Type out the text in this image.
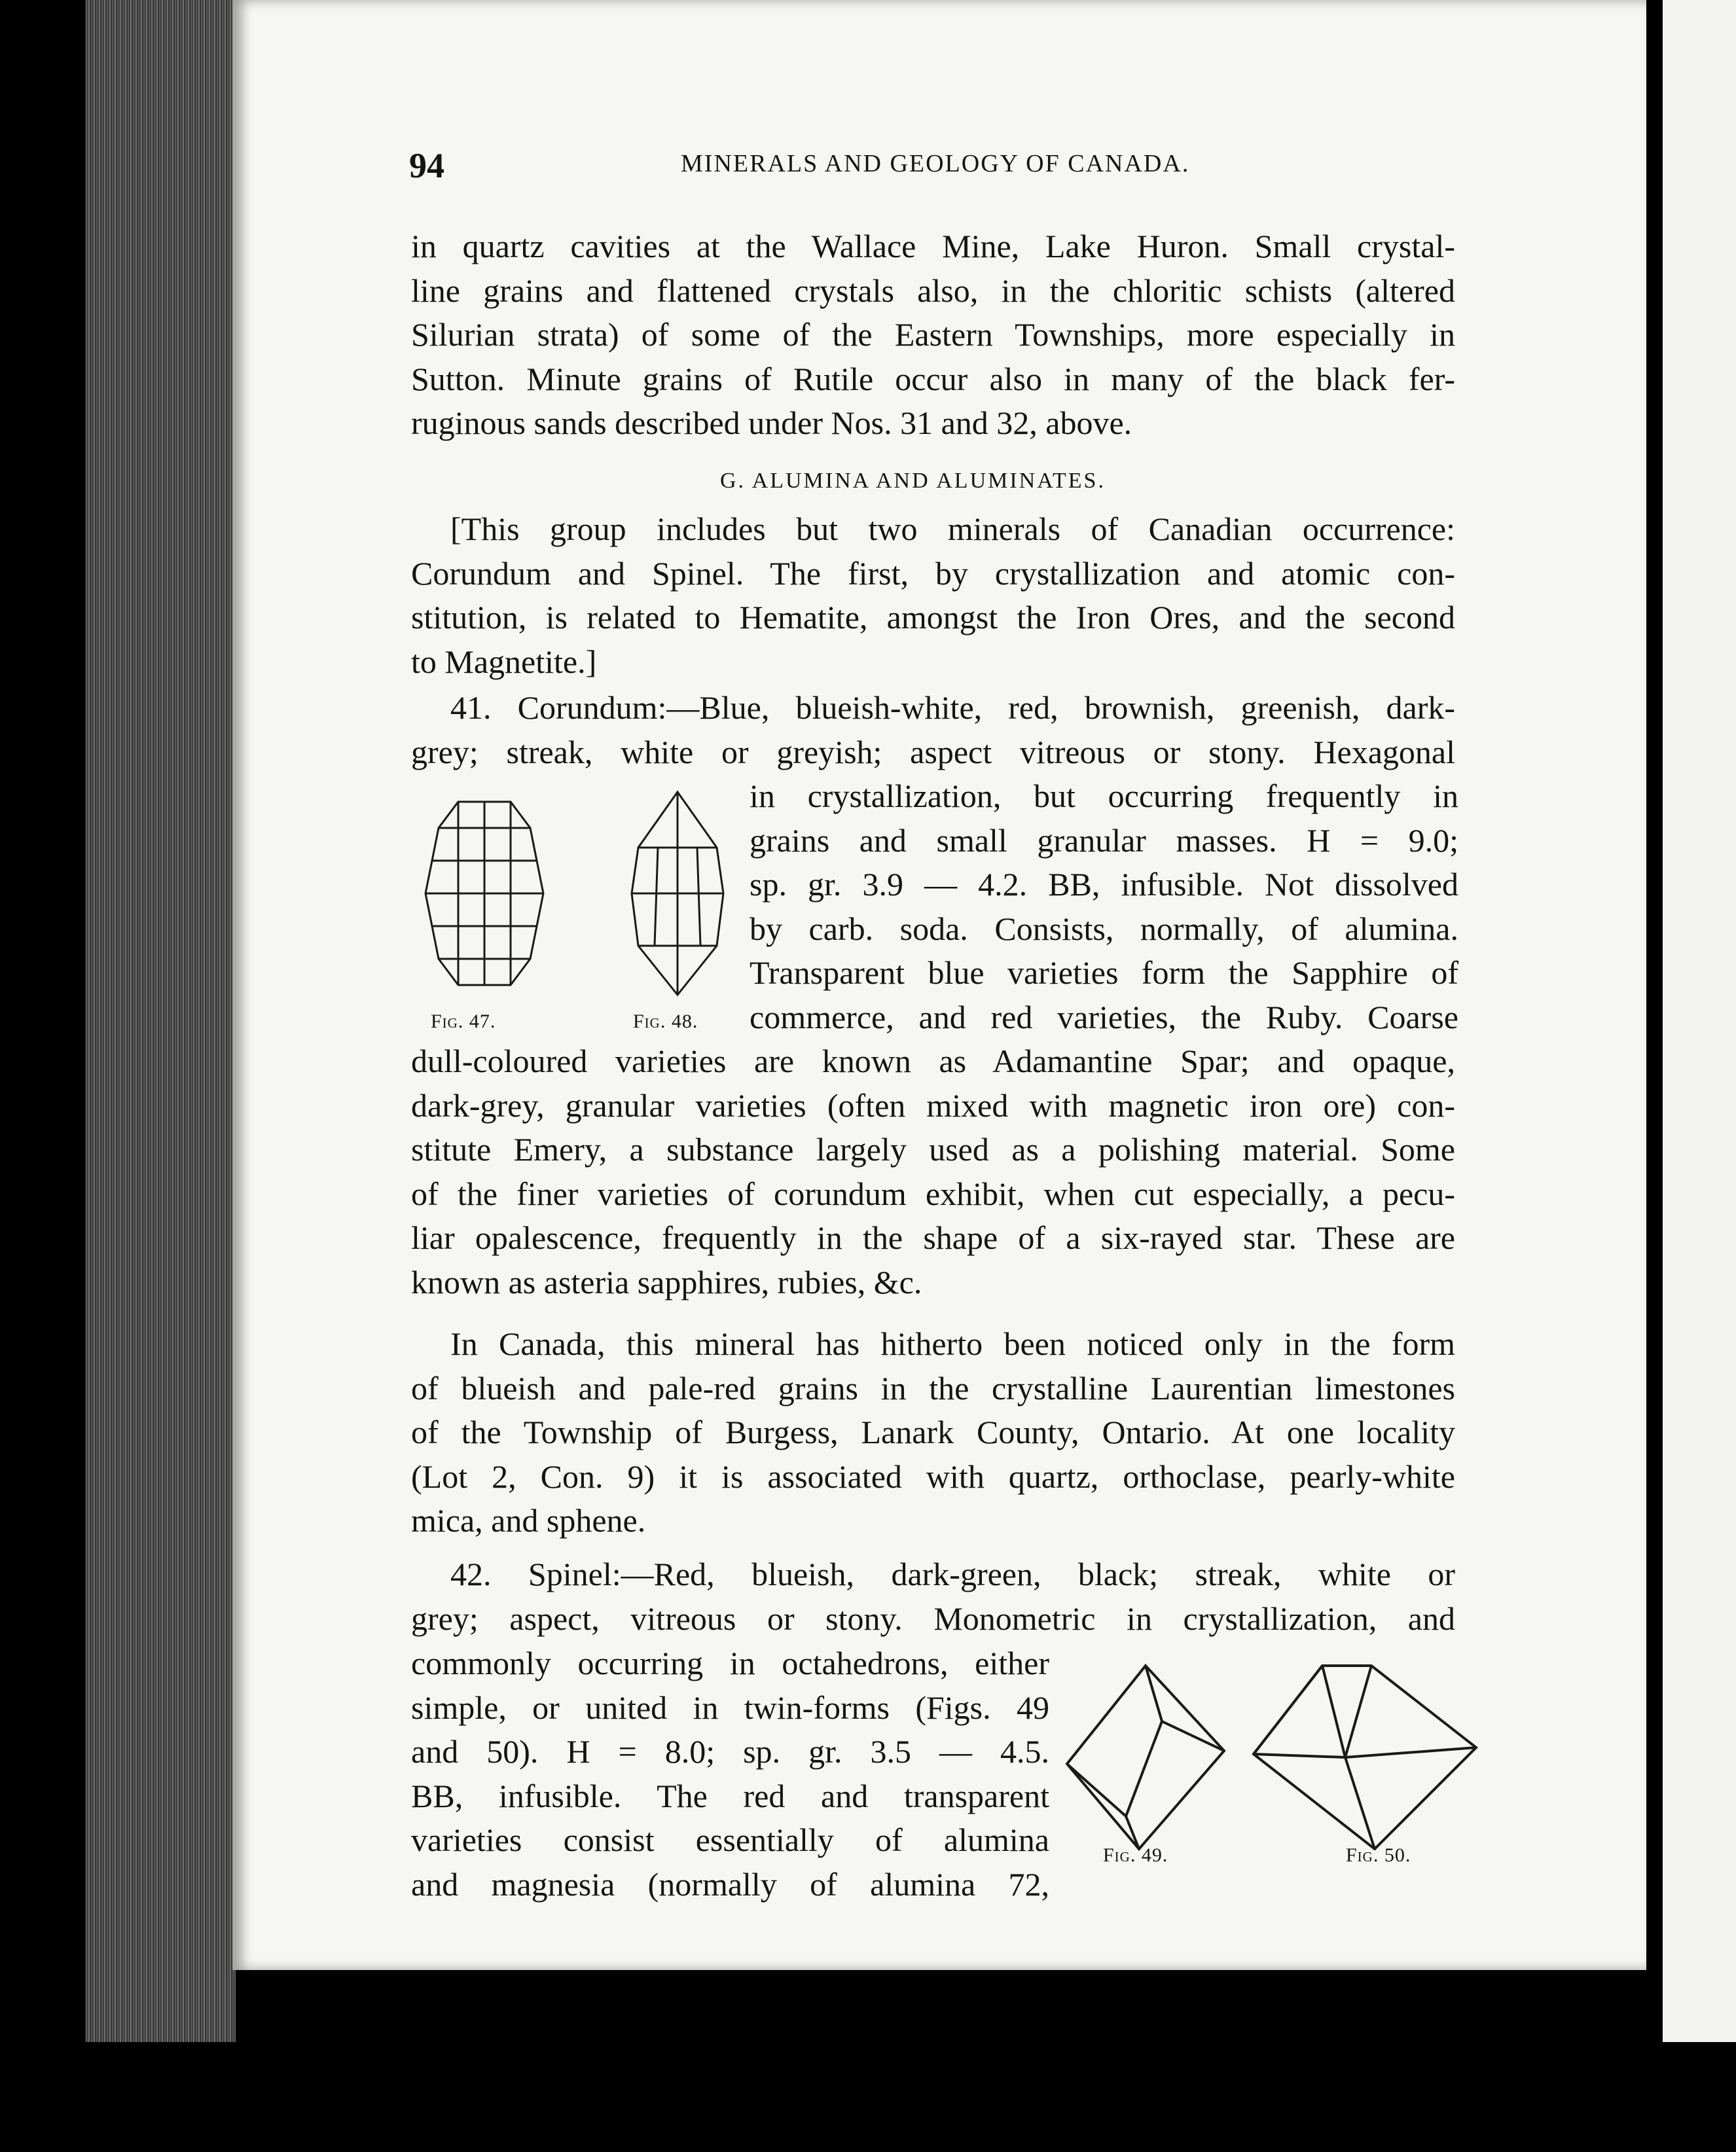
94	MINERALS AND GEOLOGY OF CANADA.
in quartz cavities at the Wallace Mine, Lake Huron. Small crystal-
line grains and flattened crystals also, in the chloritic schists (altered
Silurian strata) of some of the Eastern Townships, more especially in
Sutton. Minute grains of Rutile occur also in many of the black fer-
ruginous sands described under Nos. 31 and 32, above.
G. ALUMINA AND ALUMINATES.
[This group includes but two minerals of Canadian occurrence:
Corundum and Spinel. The first, by crystallization and atomic con-
stitution, is related to Hematite, amongst the Iron Ores, and the second
to Magnetite.]
41. Corundum:—Blue, blueish-white, red, brownish, greenish, dark-
grey; streak, white or greyish; aspect vitreous or stony. Hexagonal
in crystallization, but occurring frequently in
grains and small granular masses. H = 9.0;
sp. gr. 3.9 — 4.2. BB, infusible. Not dissolved
by carb. soda. Consists, normally, of alumina.
Transparent blue varieties form the Sapphire of
commerce, and red varieties, the Ruby. Coarse
Fig. 47.	Fig. 48.
dull-coloured varieties are known as Adamantine Spar; and opaque,
dark-grey, granular varieties (often mixed with magnetic iron ore) con-
stitute Emery, a substance largely used as a polishing material. Some
of the finer varieties of corundum exhibit, when cut especially, a pecu-
liar opalescence, frequently in the shape of a six-rayed star. These are
known as asteria sapphires, rubies, &c.
In Canada, this mineral has hitherto been noticed only in the form
of blueish and pale-red grains in the crystalline Laurentian limestones
of the Township of Burgess, Lanark County, Ontario. At one locality
(Lot 2, Con. 9) it is associated with quartz, orthoclase, pearly-white
mica, and sphene.
42. Spinel:—Red, blueish, dark-green, black; streak, white or
grey; aspect, vitreous or stony. Monometric in crystallization, and
commonly occurring in octahedrons, either
simple, or united in twin-forms (Figs. 49
and 50). H = 8.0; sp. gr. 3.5 — 4.5.
BB, infusible. The red and transparent
varieties consist essentially of alumina
and magnesia (normally of alumina 72,
Fig. 49.	Fig. 50.
